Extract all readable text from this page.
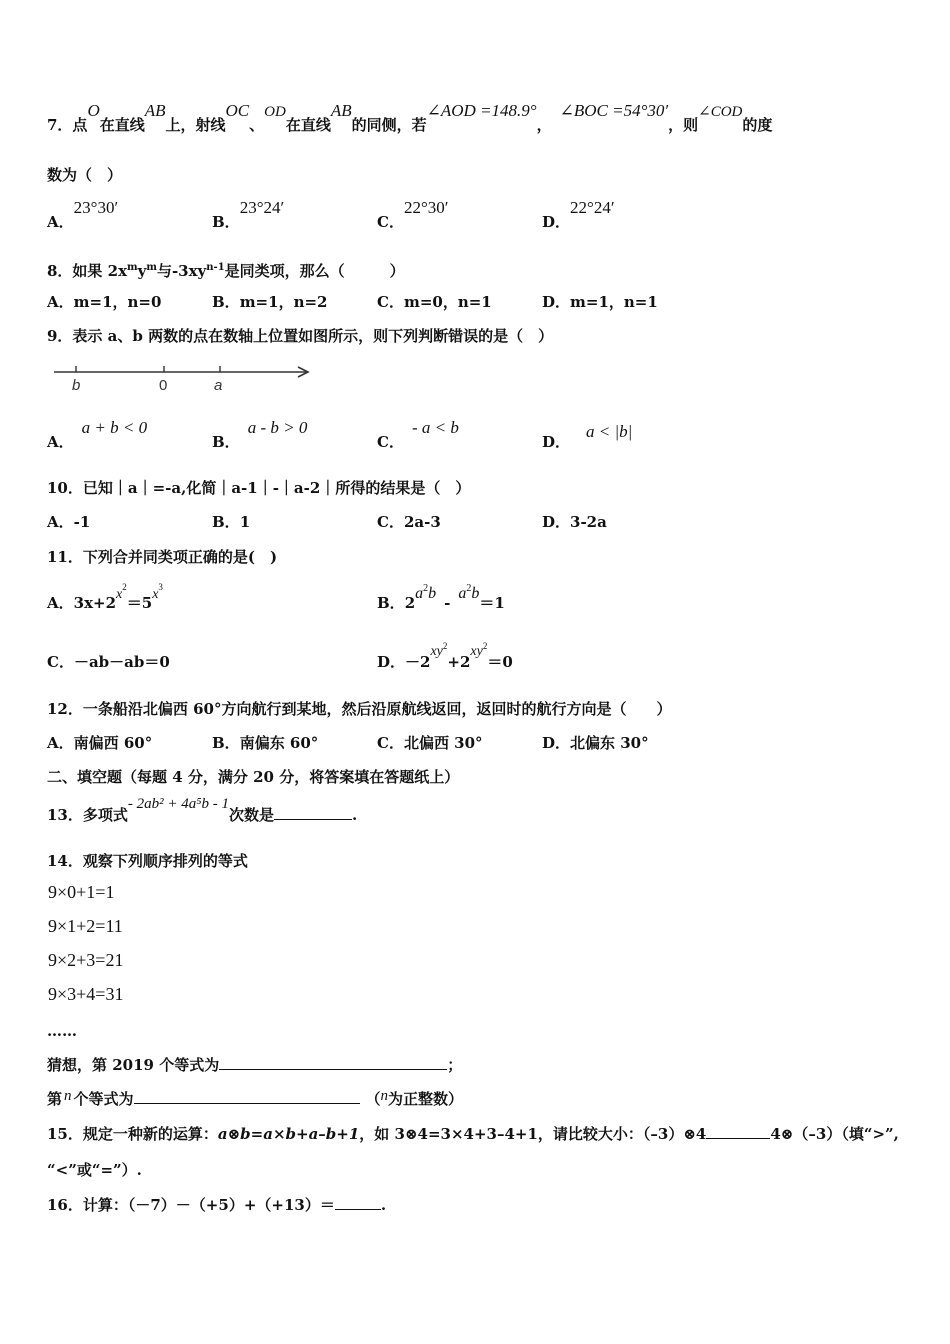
7．点O在直线AB上，射线OC、OD在直线AB的同侧，若∠AOD =148.9°，∠BOC =54°30′，则∠COD的度
数为（　）
A．23°30′
B．23°24′
C．22°30′
D．22°24′
8．如果 $2x^my^m$与$-3xy^{n-1}$是同类项，那么（　　　）
A．m=1，n=0	B．m=1，n=2	C．m=0，n=1	D．m=1，n=1
9．表示 a、b 两数的点在数轴上位置如图所示，则下列判断错误的是（　）
b	0	a
A．a + b < 0
B．a - b > 0
C．- a < b
D．a < |b|
10．已知｜a｜=-a,化简｜a-1｜-｜a-2｜所得的结果是（　）
A．-1	B．1	C．2a-3	D．3-2a
11．下列合并同类项正确的是(　)
A．$3x+2x^2=5x^3$
B．$2a^2b-a^2b=1$
C．－ab－ab＝0	D．$-2xy^2+2xy^2=0$
12．一条船沿北偏西 60°方向航行到某地，然后沿原航线返回，返回时的航行方向是（　　）
A．南偏西 60°	B．南偏东 60°	C．北偏西 30°	D．北偏东 30°
二、填空题（每题 4 分，满分 20 分，将答案填在答题纸上）
13．多项式- 2ab² + 4a⁵b - 1次数是	.
14．观察下列顺序排列的等式
9×0+1=1
9×1+2=11
9×2+3=21
9×3+4=31
……
猜想，第 2019 个等式为	；
第 n 个等式为	（n为正整数）
15．规定一种新的运算：a⊗b=a×b+a–b+1，如 3⊗4=3×4+3–4+1，请比较大小：（–3）⊗4	4⊗（–3）（填“>”,
“<”或“=”）.
16．计算：（－7）－（+5）+（+13）＝	.
